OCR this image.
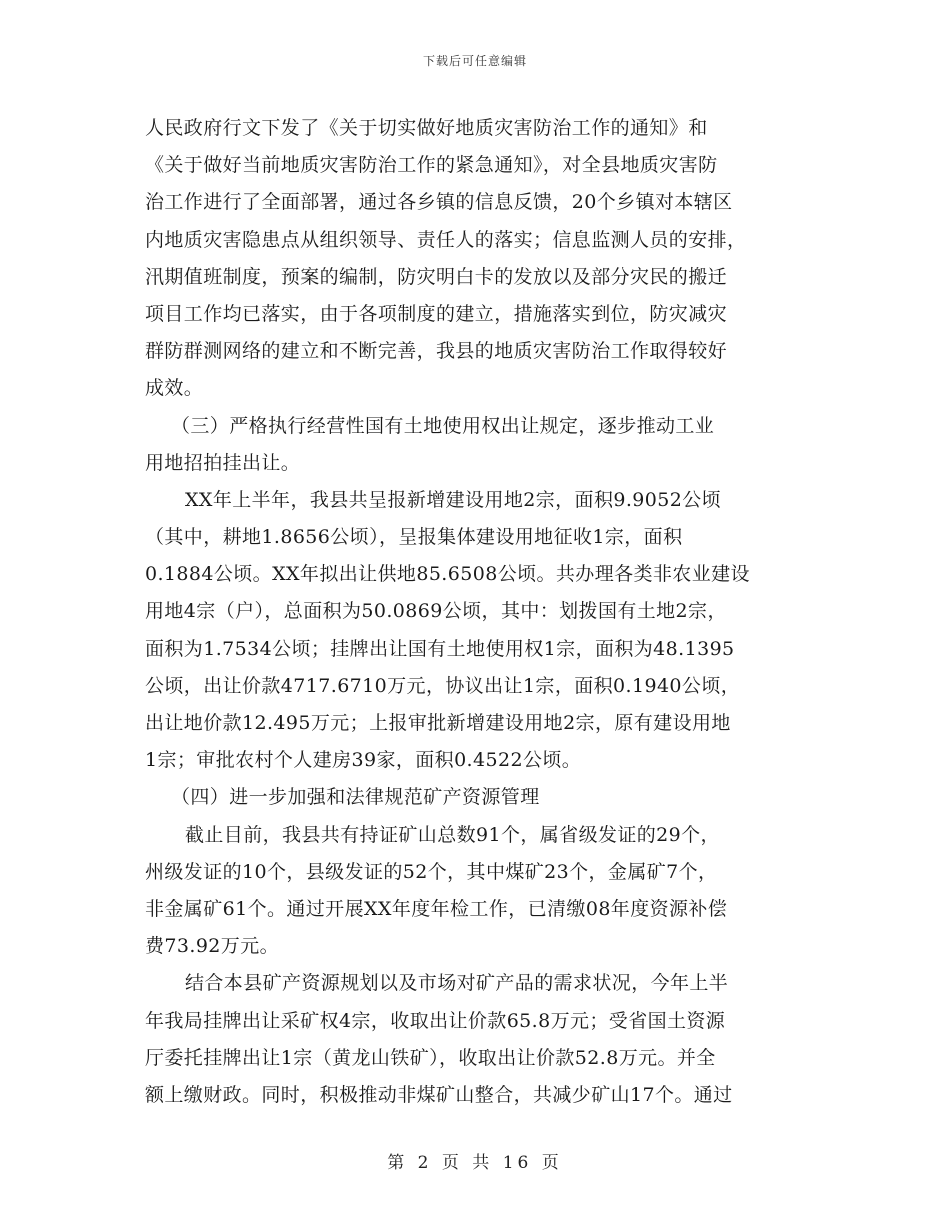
下载后可任意编辑
人民政府行文下发了《关于切实做好地质灾害防治工作的通知》和
《关于做好当前地质灾害防治工作的紧急通知》，对全县地质灾害防
治工作进行了全面部署，通过各乡镇的信息反馈，20个乡镇对本辖区
内地质灾害隐患点从组织领导、责任人的落实；信息监测人员的安排，
汛期值班制度，预案的编制，防灾明白卡的发放以及部分灾民的搬迁
项目工作均已落实，由于各项制度的建立，措施落实到位，防灾减灾
群防群测网络的建立和不断完善，我县的地质灾害防治工作取得较好
成效。
（三）严格执行经营性国有土地使用权出让规定，逐步推动工业
用地招拍挂出让。
XX年上半年，我县共呈报新增建设用地2宗，面积9.9052公顷
（其中，耕地1.8656公顷），呈报集体建设用地征收1宗，面积
0.1884公顷。XX年拟出让供地85.6508公顷。共办理各类非农业建设
用地4宗（户），总面积为50.0869公顷，其中：划拨国有土地2宗，
面积为1.7534公顷；挂牌出让国有土地使用权1宗，面积为48.1395
公顷，出让价款4717.6710万元，协议出让1宗，面积0.1940公顷，
出让地价款12.495万元；上报审批新增建设用地2宗，原有建设用地
1宗；审批农村个人建房39家，面积0.4522公顷。
（四）进一步加强和法律规范矿产资源管理
截止目前，我县共有持证矿山总数91个，属省级发证的29个，
州级发证的10个，县级发证的52个，其中煤矿23个，金属矿7个，
非金属矿61个。通过开展XX年度年检工作，已清缴08年度资源补偿
费73.92万元。
结合本县矿产资源规划以及市场对矿产品的需求状况，今年上半
年我局挂牌出让采矿权4宗，收取出让价款65.8万元；受省国土资源
厅委托挂牌出让1宗（黄龙山铁矿），收取出让价款52.8万元。并全
额上缴财政。同时，积极推动非煤矿山整合，共减少矿山17个。通过
第 2 页 共 16 页
